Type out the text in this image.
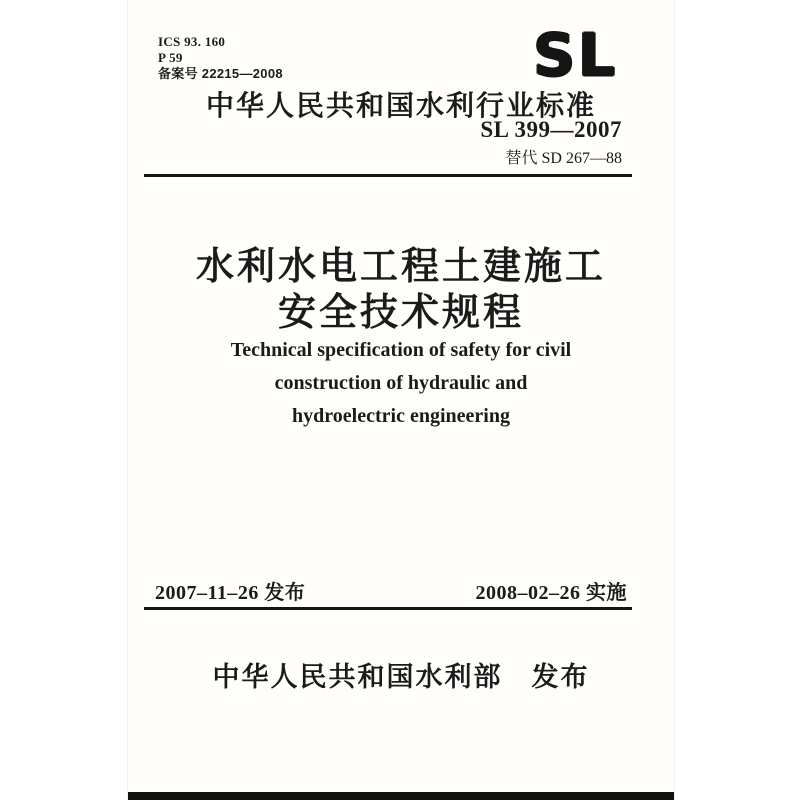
ICS 93. 160
P 59
备案号 22215—2008	SL
中华人民共和国水利行业标准
SL 399—2007
替代 SD 267—88
水利水电工程土建施工
安全技术规程
Technical specification of safety for civil
construction of hydraulic and
hydroelectric engineering
2007–11–26 发布	2008–02–26 实施
中华人民共和国水利部　发布
